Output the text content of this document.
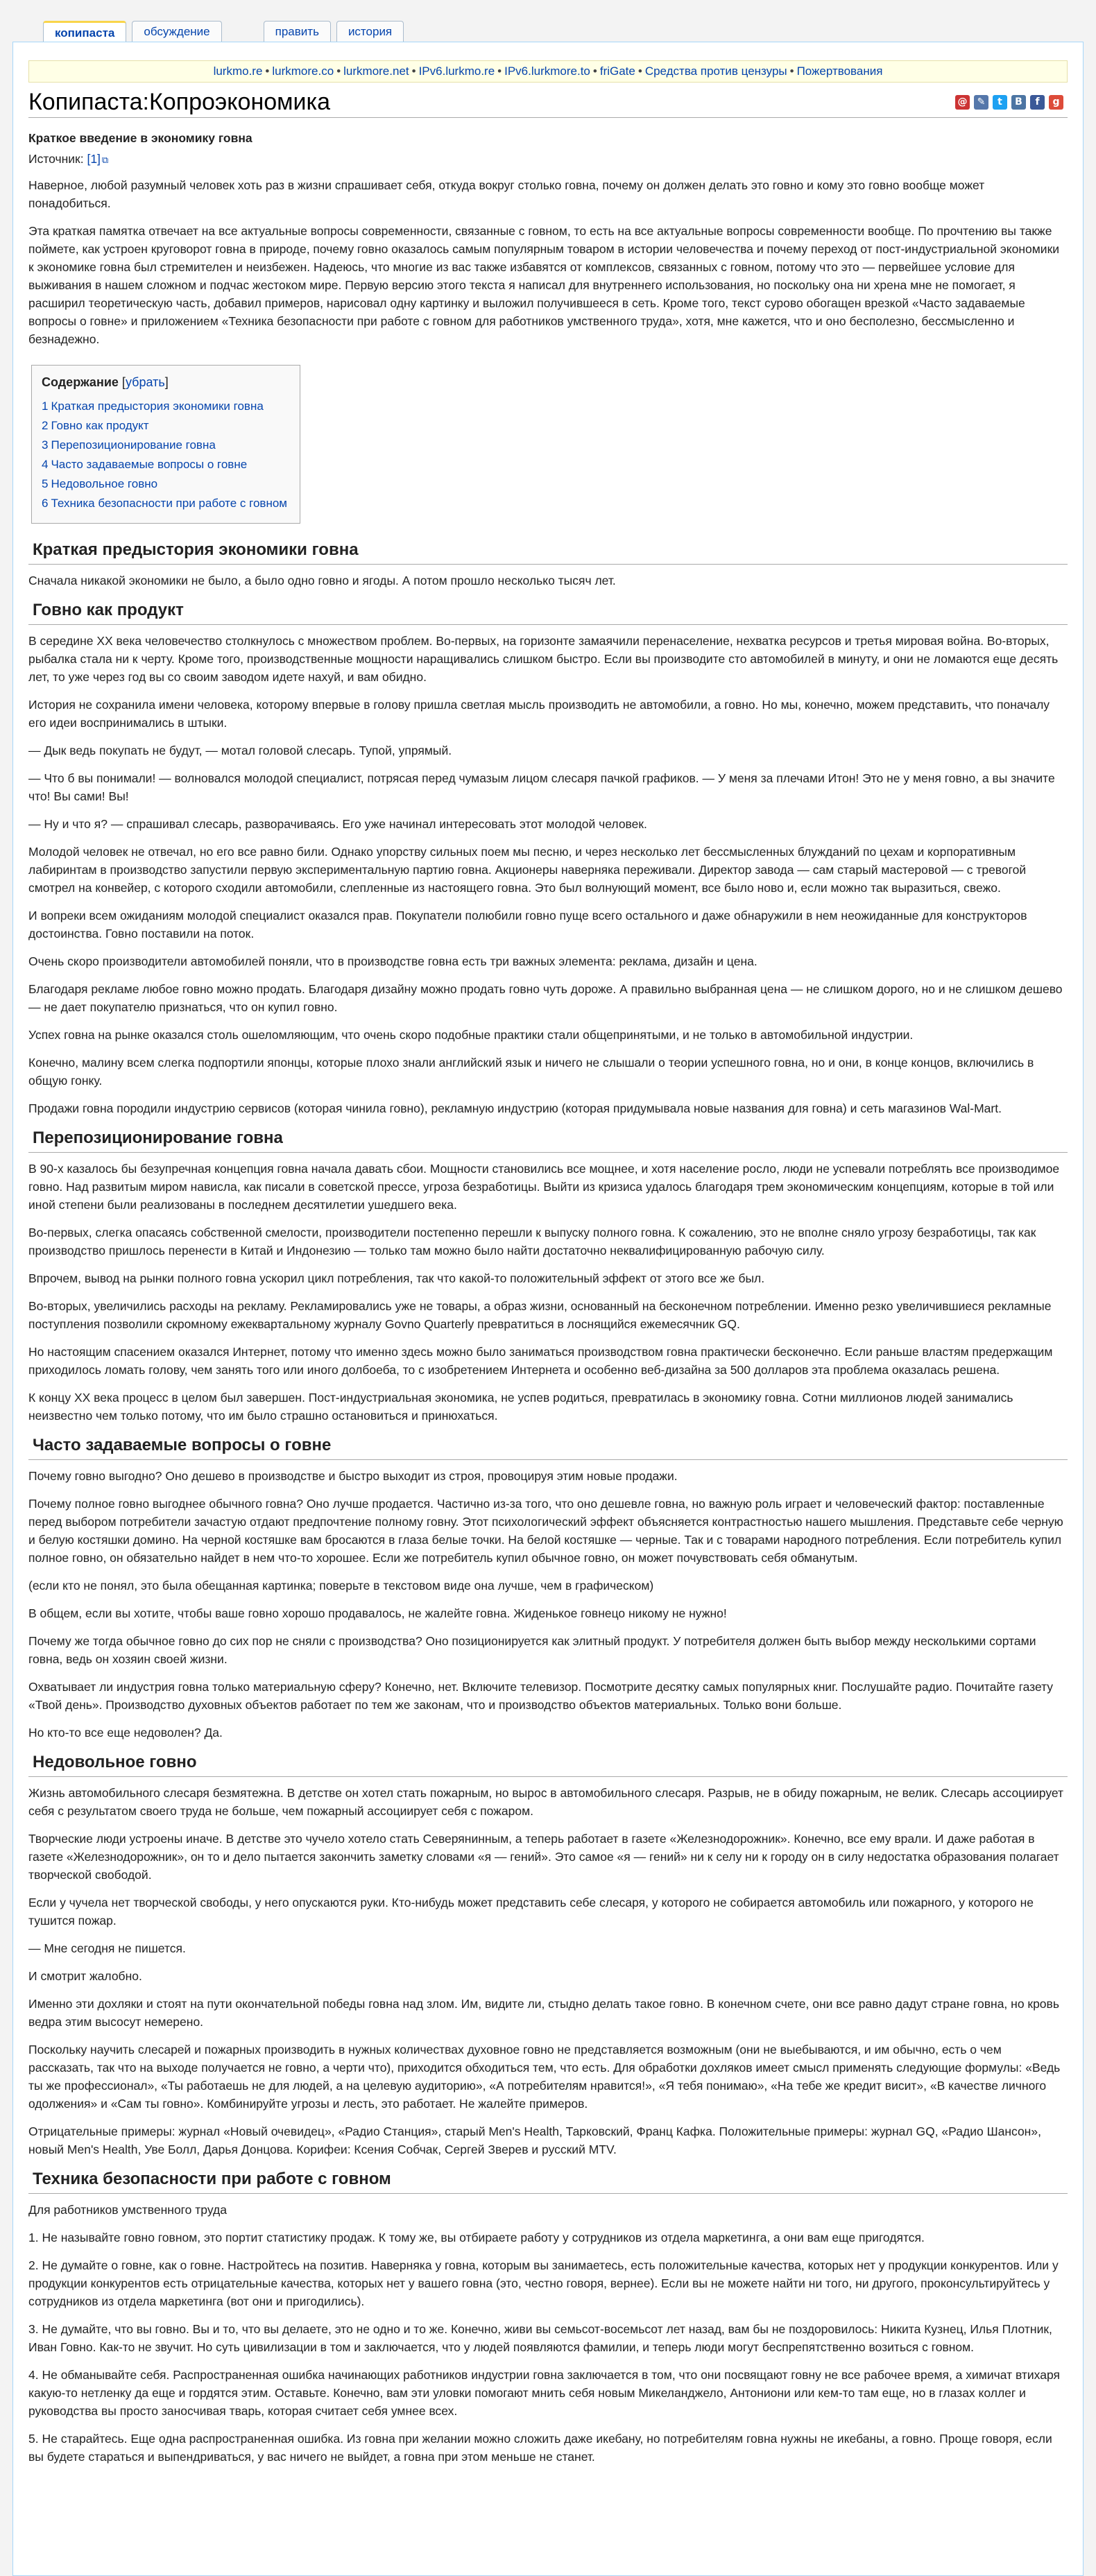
копипаста	обсуждение	править	история
lurkmo.re • lurkmore.co • lurkmore.net • IPv6.lurkmo.re • IPv6.lurkmore.to • friGate • Средства против цензуры • Пожертвования
Копипаста:Копроэкономика	@	✎	t	B	f	g
Краткое введение в экономику говна
Источник: [1] ⧉

Наверное, любой разумный человек хоть раз в жизни спрашивает себя, откуда вокруг столько говна, почему он должен делать это говно и кому это говно вообще может понадобиться.

Эта краткая памятка отвечает на все актуальные вопросы современности, связанные с говном, то есть на все актуальные вопросы современности вообще. По прочтению вы также поймете, как устроен круговорот говна в природе, почему говно оказалось самым популярным товаром в истории человечества и почему переход от пост-индустриальной экономики к экономике говна был стремителен и неизбежен. Надеюсь, что многие из вас также избавятся от комплексов, связанных с говном, потому что это — первейшее условие для выживания в нашем сложном и подчас жестоком мире. Первую версию этого текста я написал для внутреннего использования, но поскольку она ни хрена мне не помогает, я расширил теоретическую часть, добавил примеров, нарисовал одну картинку и выложил получившееся в сеть. Кроме того, текст сурово обогащен врезкой «Часто задаваемые вопросы о говне» и приложением «Техника безопасности при работе с говном для работников умственного труда», хотя, мне кажется, что и оно бесполезно, бессмысленно и безнадежно.

Содержание [убрать]
1 Краткая предыстория экономики говна
2 Говно как продукт
3 Перепозиционирование говна
4 Часто задаваемые вопросы о говне
5 Недовольное говно
6 Техника безопасности при работе с говном
Краткая предыстория экономики говна

Сначала никакой экономики не было, а было одно говно и ягоды. А потом прошло несколько тысяч лет.

Говно как продукт

В середине XX века человечество столкнулось с множеством проблем. Во-первых, на горизонте замаячили перенаселение, нехватка ресурсов и третья мировая война. Во-вторых, рыбалка стала ни к черту. Кроме того, производственные мощности наращивались слишком быстро. Если вы производите сто автомобилей в минуту, и они не ломаются еще десять лет, то уже через год вы со своим заводом идете нахуй, и вам обидно.

История не сохранила имени человека, которому впервые в голову пришла светлая мысль производить не автомобили, а говно. Но мы, конечно, можем представить, что поначалу его идеи воспринимались в штыки.

— Дык ведь покупать не будут, — мотал головой слесарь. Тупой, упрямый.

— Что б вы понимали! — волновался молодой специалист, потрясая перед чумазым лицом слесаря пачкой графиков. — У меня за плечами Итон! Это не у меня говно, а вы значите что! Вы сами! Вы!

— Ну и что я? — спрашивал слесарь, разворачиваясь. Его уже начинал интересовать этот молодой человек.

Молодой человек не отвечал, но его все равно били. Однако упорству сильных поем мы песню, и через несколько лет бессмысленных блужданий по цехам и корпоративным лабиринтам в производство запустили первую экспериментальную партию говна. Акционеры наверняка переживали. Директор завода — сам старый мастеровой — с тревогой смотрел на конвейер, с которого сходили автомобили, слепленные из настоящего говна. Это был волнующий момент, все было ново и, если можно так выразиться, свежо.

И вопреки всем ожиданиям молодой специалист оказался прав. Покупатели полюбили говно пуще всего остального и даже обнаружили в нем неожиданные для конструкторов достоинства. Говно поставили на поток.

Очень скоро производители автомобилей поняли, что в производстве говна есть три важных элемента: реклама, дизайн и цена.

Благодаря рекламе любое говно можно продать. Благодаря дизайну можно продать говно чуть дороже. А правильно выбранная цена — не слишком дорого, но и не слишком дешево — не дает покупателю признаться, что он купил говно.

Успех говна на рынке оказался столь ошеломляющим, что очень скоро подобные практики стали общепринятыми, и не только в автомобильной индустрии.

Конечно, малину всем слегка подпортили японцы, которые плохо знали английский язык и ничего не слышали о теории успешного говна, но и они, в конце концов, включились в общую гонку.

Продажи говна породили индустрию сервисов (которая чинила говно), рекламную индустрию (которая придумывала новые названия для говна) и сеть магазинов Wal-Mart.

Перепозиционирование говна

В 90-х казалось бы безупречная концепция говна начала давать сбои. Мощности становились все мощнее, и хотя население росло, люди не успевали потреблять все производимое говно. Над развитым миром нависла, как писали в советской прессе, угроза безработицы. Выйти из кризиса удалось благодаря трем экономическим концепциям, которые в той или иной степени были реализованы в последнем десятилетии ушедшего века.

Во-первых, слегка опасаясь собственной смелости, производители постепенно перешли к выпуску полного говна. К сожалению, это не вполне сняло угрозу безработицы, так как производство пришлось перенести в Китай и Индонезию — только там можно было найти достаточно неквалифицированную рабочую силу.

Впрочем, вывод на рынки полного говна ускорил цикл потребления, так что какой-то положительный эффект от этого все же был.

Во-вторых, увеличились расходы на рекламу. Рекламировались уже не товары, а образ жизни, основанный на бесконечном потреблении. Именно резко увеличившиеся рекламные поступления позволили скромному ежеквартальному журналу Govno Quarterly превратиться в лоснящийся ежемесячник GQ.

Но настоящим спасением оказался Интернет, потому что именно здесь можно было заниматься производством говна практически бесконечно. Если раньше властям предержащим приходилось ломать голову, чем занять того или иного долбоеба, то с изобретением Интернета и особенно веб-дизайна за 500 долларов эта проблема оказалась решена.

К концу XX века процесс в целом был завершен. Пост-индустриальная экономика, не успев родиться, превратилась в экономику говна. Сотни миллионов людей занимались неизвестно чем только потому, что им было страшно остановиться и принюхаться.

Часто задаваемые вопросы о говне

Почему говно выгодно? Оно дешево в производстве и быстро выходит из строя, провоцируя этим новые продажи.

Почему полное говно выгоднее обычного говна? Оно лучше продается. Частично из-за того, что оно дешевле говна, но важную роль играет и человеческий фактор: поставленные перед выбором потребители зачастую отдают предпочтение полному говну. Этот психологический эффект объясняется контрастностью нашего мышления. Представьте себе черную и белую костяшки домино. На черной костяшке вам бросаются в глаза белые точки. На белой костяшке — черные. Так и с товарами народного потребления. Если потребитель купил полное говно, он обязательно найдет в нем что-то хорошее. Если же потребитель купил обычное говно, он может почувствовать себя обманутым.

(если кто не понял, это была обещанная картинка; поверьте в текстовом виде она лучше, чем в графическом)

В общем, если вы хотите, чтобы ваше говно хорошо продавалось, не жалейте говна. Жиденькое говнецо никому не нужно!

Почему же тогда обычное говно до сих пор не сняли с производства? Оно позиционируется как элитный продукт. У потребителя должен быть выбор между несколькими сортами говна, ведь он хозяин своей жизни.

Охватывает ли индустрия говна только материальную сферу? Конечно, нет. Включите телевизор. Посмотрите десятку самых популярных книг. Послушайте радио. Почитайте газету «Твой день». Производство духовных объектов работает по тем же законам, что и производство объектов материальных. Только вони больше.

Но кто-то все еще недоволен? Да.

Недовольное говно

Жизнь автомобильного слесаря безмятежна. В детстве он хотел стать пожарным, но вырос в автомобильного слесаря. Разрыв, не в обиду пожарным, не велик. Слесарь ассоциирует себя с результатом своего труда не больше, чем пожарный ассоциирует себя с пожаром.

Творческие люди устроены иначе. В детстве это чучело хотело стать Северянинным, а теперь работает в газете «Железнодорожник». Конечно, все ему врали. И даже работая в газете «Железнодорожник», он то и дело пытается закончить заметку словами «я — гений». Это самое «я — гений» ни к селу ни к городу он в силу недостатка образования полагает творческой свободой.

Если у чучела нет творческой свободы, у него опускаются руки. Кто-нибудь может представить себе слесаря, у которого не собирается автомобиль или пожарного, у которого не тушится пожар.

— Мне сегодня не пишется.

И смотрит жалобно.

Именно эти дохляки и стоят на пути окончательной победы говна над злом. Им, видите ли, стыдно делать такое говно. В конечном счете, они все равно дадут стране говна, но кровь ведра этим высосут немерено.

Поскольку научить слесарей и пожарных производить в нужных количествах духовное говно не представляется возможным (они не выебываются, и им обычно, есть о чем рассказать, так что на выходе получается не говно, а черти что), приходится обходиться тем, что есть. Для обработки дохляков имеет смысл применять следующие формулы: «Ведь ты же профессионал», «Ты работаешь не для людей, а на целевую аудиторию», «А потребителям нравится!», «Я тебя понимаю», «На тебе же кредит висит», «В качестве личного одолжения» и «Сам ты говно». Комбинируйте угрозы и лесть, это работает. Не жалейте примеров.

Отрицательные примеры: журнал «Новый очевидец», «Радио Станция», старый Men's Health, Тарковский, Франц Кафка. Положительные примеры: журнал GQ, «Радио Шансон», новый Men's Health, Уве Болл, Дарья Донцова. Корифеи: Ксения Собчак, Сергей Зверев и русский MTV.

Техника безопасности при работе с говном

Для работников умственного труда

1. Не называйте говно говном, это портит статистику продаж. К тому же, вы отбираете работу у сотрудников из отдела маркетинга, а они вам еще пригодятся.

2. Не думайте о говне, как о говне. Настройтесь на позитив. Наверняка у говна, которым вы занимаетесь, есть положительные качества, которых нет у продукции конкурентов. Или у продукции конкурентов есть отрицательные качества, которых нет у вашего говна (это, честно говоря, вернее). Если вы не можете найти ни того, ни другого, проконсультируйтесь у сотрудников из отдела маркетинга (вот они и пригодились).

3. Не думайте, что вы говно. Вы и то, что вы делаете, это не одно и то же. Конечно, живи вы семьсот-восемьсот лет назад, вам бы не поздоровилось: Никита Кузнец, Илья Плотник, Иван Говно. Как-то не звучит. Но суть цивилизации в том и заключается, что у людей появляются фамилии, и теперь люди могут беспрепятственно возиться с говном.

4. Не обманывайте себя. Распространенная ошибка начинающих работников индустрии говна заключается в том, что они посвящают говну не все рабочее время, а химичат втихаря какую-то нетленку да еще и гордятся этим. Оставьте. Конечно, вам эти уловки помогают мнить себя новым Микеланджело, Антониони или кем-то там еще, но в глазах коллег и руководства вы просто заносчивая тварь, которая считает себя умнее всех.

5. Не старайтесь. Еще одна распространенная ошибка. Из говна при желании можно сложить даже икебану, но потребителям говна нужны не икебаны, а говно. Проще говоря, если вы будете стараться и выпендриваться, у вас ничего не выйдет, а говна при этом меньше не станет.
